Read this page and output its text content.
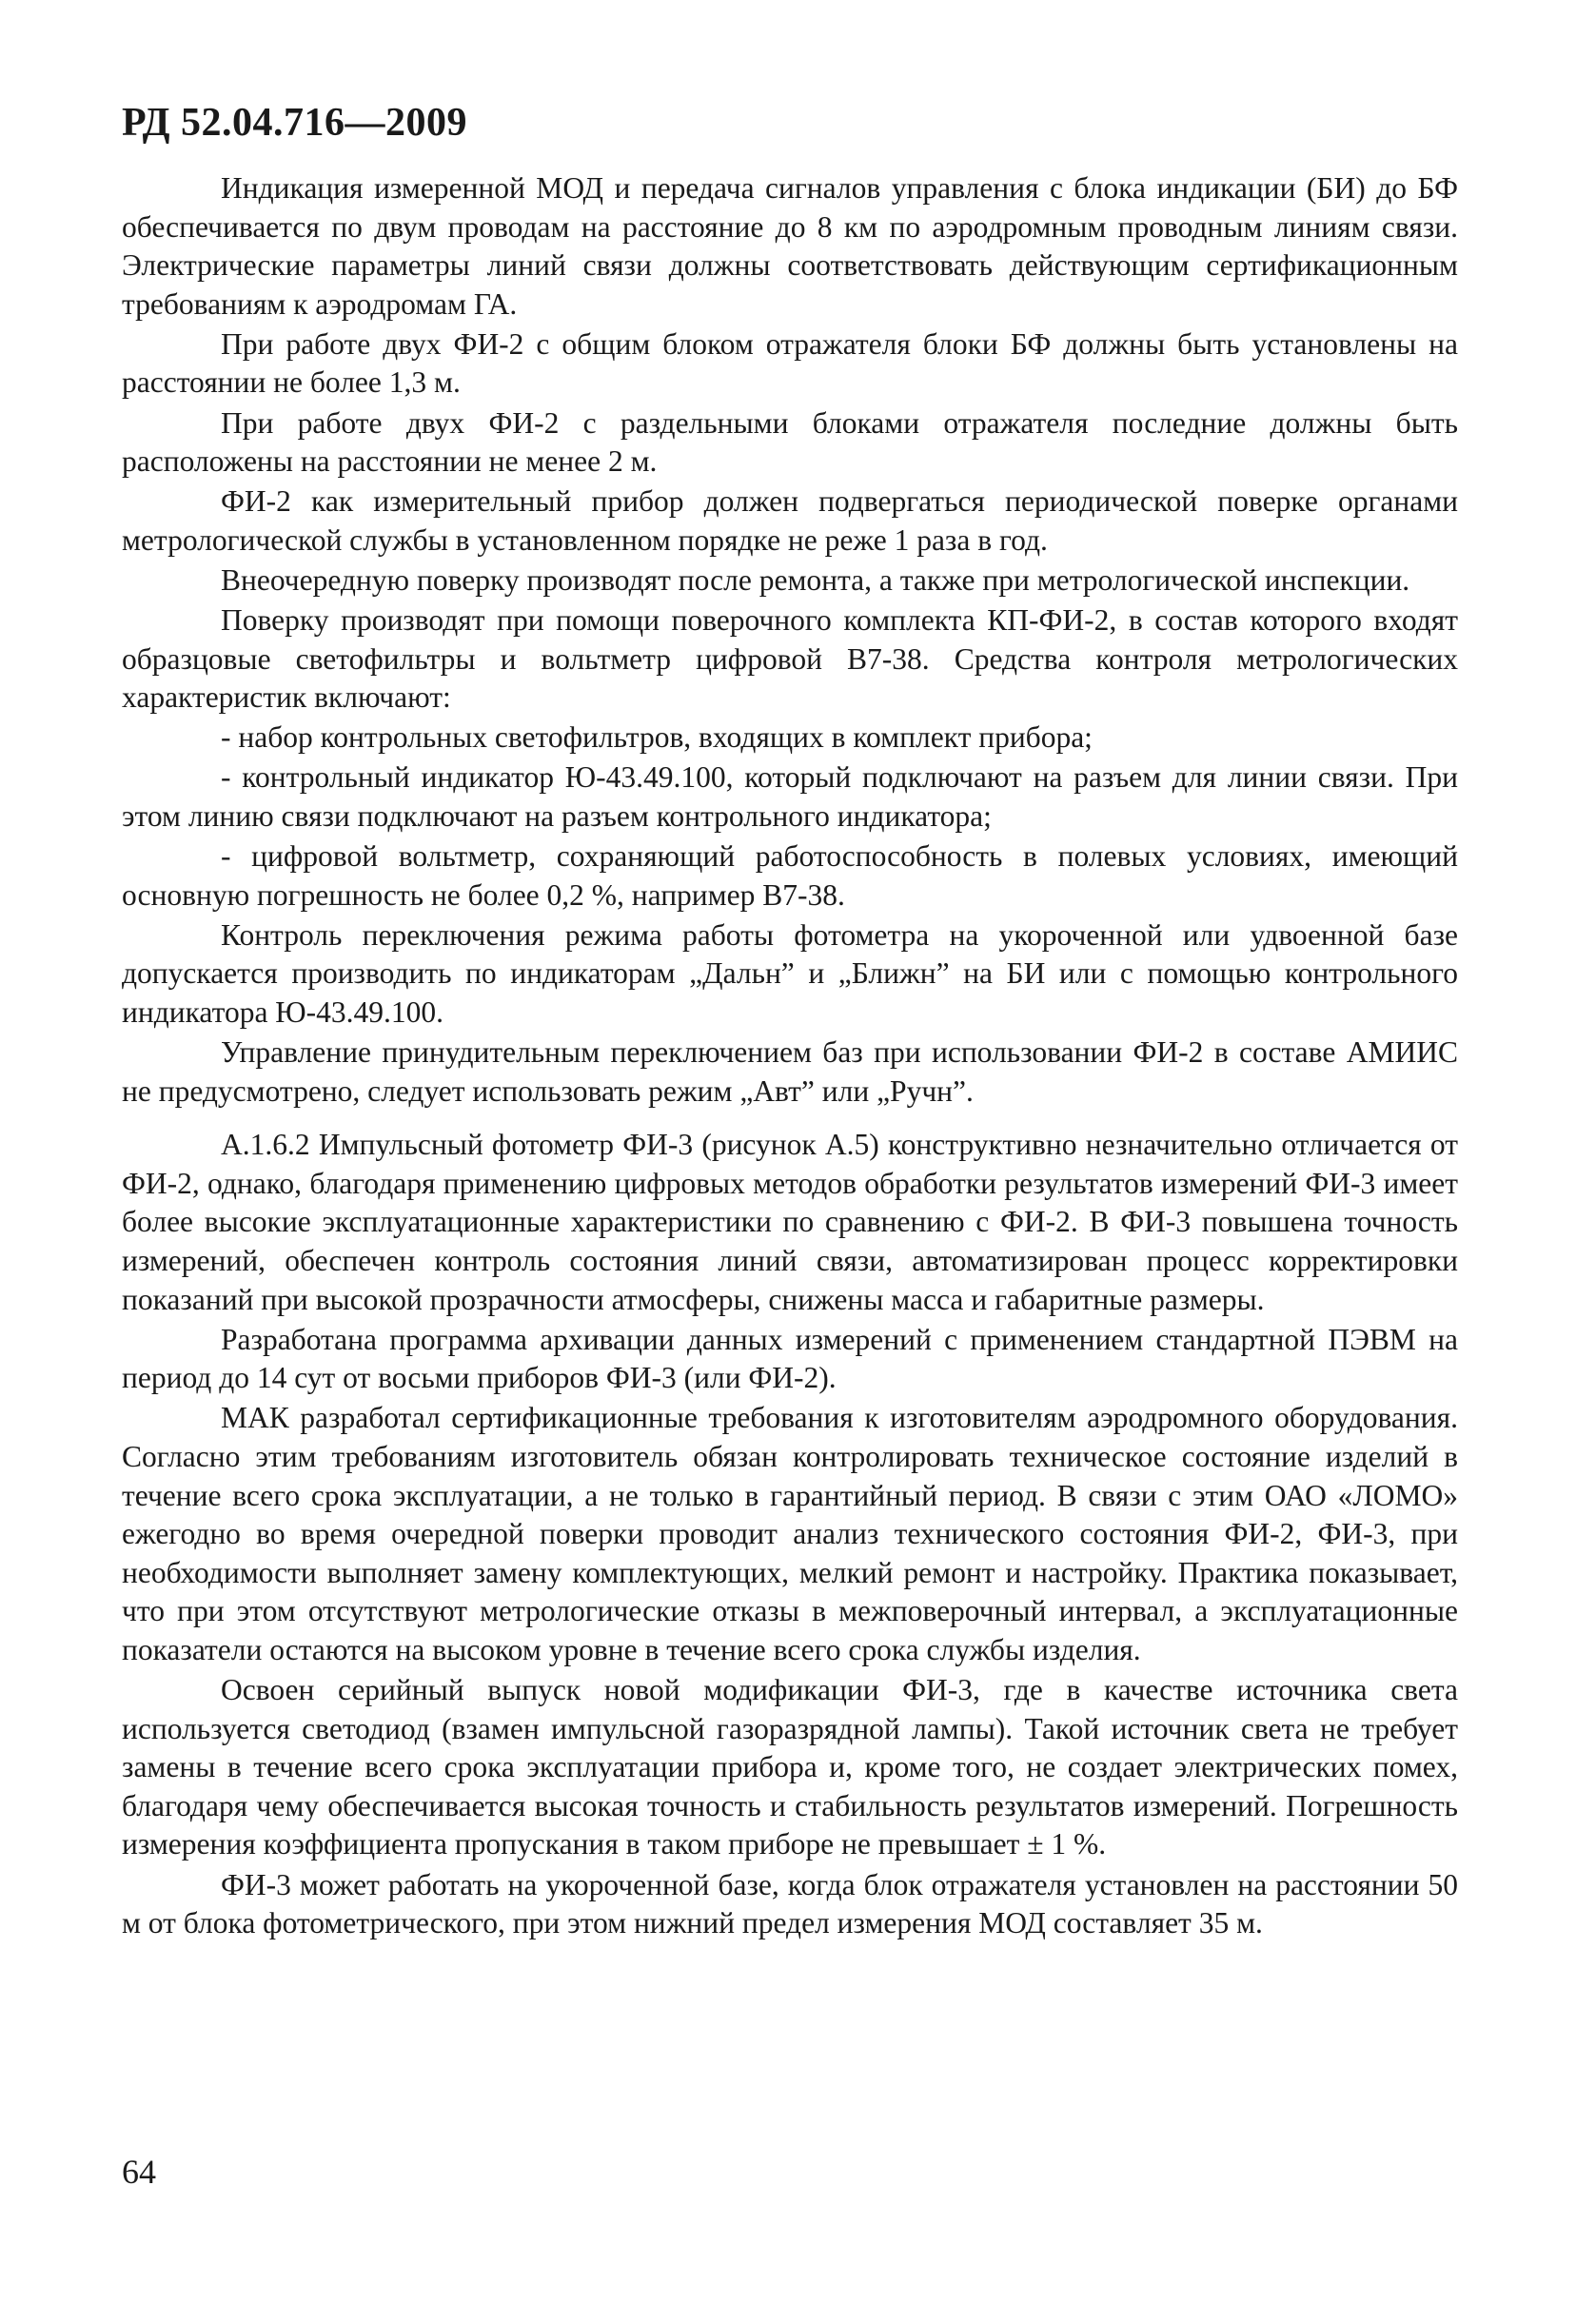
РД 52.04.716—2009

Индикация измеренной МОД и передача сигналов управления с блока индикации (БИ) до БФ обеспечивается по двум проводам на расстояние до 8 км по аэродромным проводным линиям связи. Электрические параметры линий связи должны соответствовать действующим сертификационным требованиям к аэродромам ГА.

При работе двух ФИ-2 с общим блоком отражателя блоки БФ должны быть установлены на расстоянии не более 1,3 м.

При работе двух ФИ-2 с раздельными блоками отражателя последние должны быть расположены на расстоянии не менее 2 м.

ФИ-2 как измерительный прибор должен подвергаться периодической поверке органами метрологической службы в установленном порядке не реже 1 раза в год.

Внеочередную поверку производят после ремонта, а также при метрологической инспекции.

Поверку производят при помощи поверочного комплекта КП-ФИ-2, в состав которого входят образцовые светофильтры и вольтметр цифровой В7-38. Средства контроля метрологических характеристик включают:

- набор контрольных светофильтров, входящих в комплект прибора;

- контрольный индикатор Ю-43.49.100, который подключают на разъем для линии связи. При этом линию связи подключают на разъем контрольного индикатора;

- цифровой вольтметр, сохраняющий работоспособность в полевых условиях, имеющий основную погрешность не более 0,2 %, например В7-38.

Контроль переключения режима работы фотометра на укороченной или удвоенной базе допускается производить по индикаторам „Дальн” и „Ближн” на БИ или с помощью контрольного индикатора Ю-43.49.100.

Управление принудительным переключением баз при использовании ФИ-2 в составе АМИИС не предусмотрено, следует использовать режим „Авт” или „Ручн”.

А.1.6.2 Импульсный фотометр ФИ-3 (рисунок А.5) конструктивно незначительно отличается от ФИ-2, однако, благодаря применению цифровых методов обработки результатов измерений ФИ-3 имеет более высокие эксплуатационные характеристики по сравнению с ФИ-2. В ФИ-3 повышена точность измерений, обеспечен контроль состояния линий связи, автоматизирован процесс корректировки показаний при высокой прозрачности атмосферы, снижены масса и габаритные размеры.

Разработана программа архивации данных измерений с применением стандартной ПЭВМ на период до 14 сут от восьми приборов ФИ-3 (или ФИ-2).

МАК разработал сертификационные требования к изготовителям аэродромного оборудования. Согласно этим требованиям изготовитель обязан контролировать техническое состояние изделий в течение всего срока эксплуатации, а не только в гарантийный период. В связи с этим ОАО «ЛОМО» ежегодно во время очередной поверки проводит анализ технического состояния ФИ-2, ФИ-3, при необходимости выполняет замену комплектующих, мелкий ремонт и настройку. Практика показывает, что при этом отсутствуют метрологические отказы в межповерочный интервал, а эксплуатационные показатели остаются на высоком уровне в течение всего срока службы изделия.

Освоен серийный выпуск новой модификации ФИ-3, где в качестве источника света используется светодиод (взамен импульсной газоразрядной лампы). Такой источник света не требует замены в течение всего срока эксплуатации прибора и, кроме того, не создает электрических помех, благодаря чему обеспечивается высокая точность и стабильность результатов измерений. Погрешность измерения коэффициента пропускания в таком приборе не превышает ± 1 %.

ФИ-3 может работать на укороченной базе, когда блок отражателя установлен на расстоянии 50 м от блока фотометрического, при этом нижний предел измерения МОД составляет 35 м.

64
